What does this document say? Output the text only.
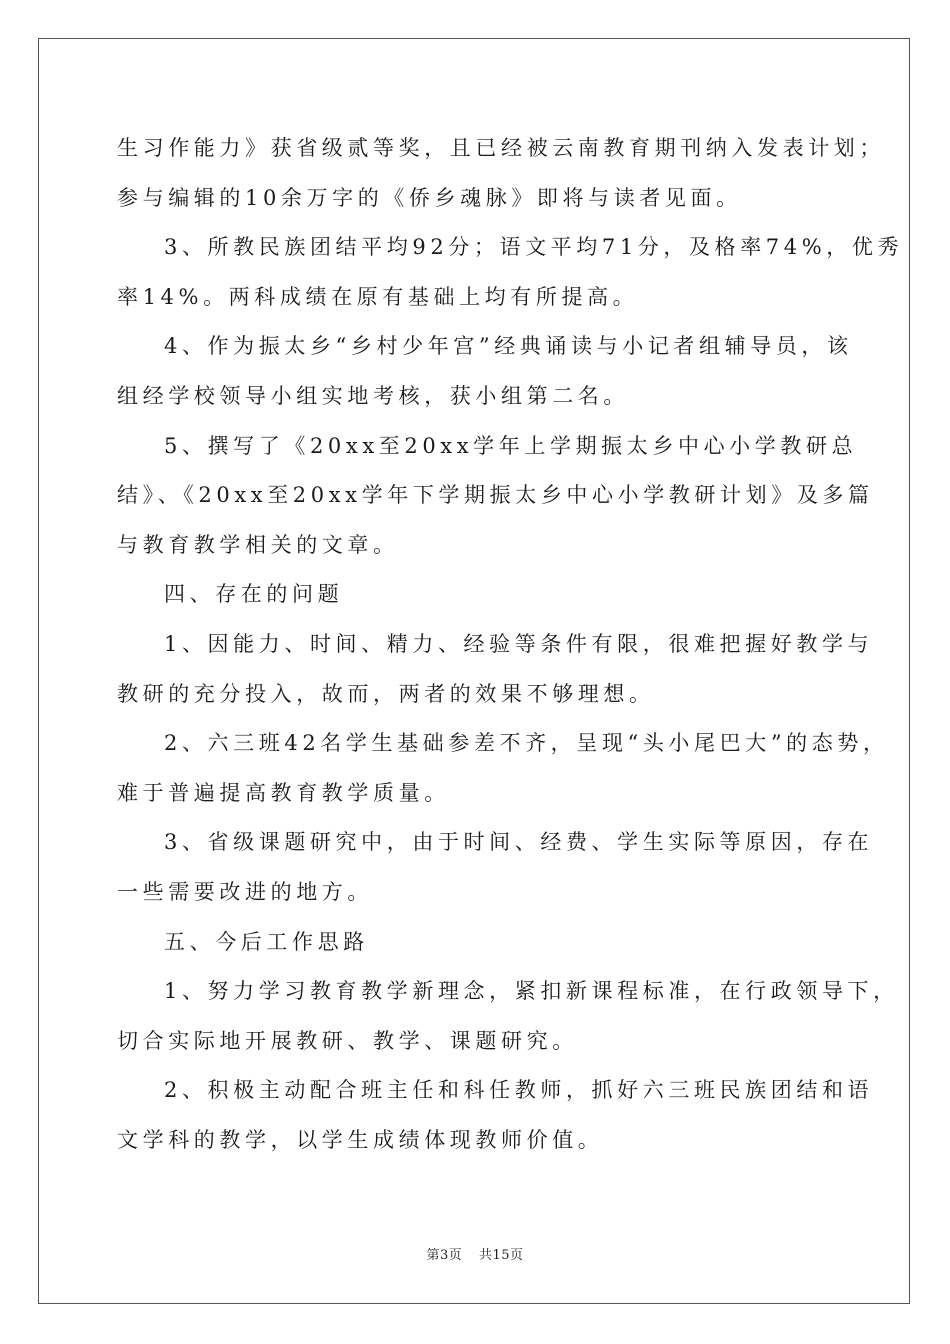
生习作能力》获省级贰等奖，且已经被云南教育期刊纳入发表计划；
参与编辑的10余万字的《侨乡魂脉》即将与读者见面。
3、所教民族团结平均92分；语文平均71分，及格率74%，优秀
率14%。两科成绩在原有基础上均有所提高。
4、作为振太乡“乡村少年宫”经典诵读与小记者组辅导员，该
组经学校领导小组实地考核，获小组第二名。
5、撰写了《20xx至20xx学年上学期振太乡中心小学教研总
结》、《20xx至20xx学年下学期振太乡中心小学教研计划》及多篇
与教育教学相关的文章。
四、存在的问题
1、因能力、时间、精力、经验等条件有限，很难把握好教学与
教研的充分投入，故而，两者的效果不够理想。
2、六三班42名学生基础参差不齐，呈现“头小尾巴大”的态势，
难于普遍提高教育教学质量。
3、省级课题研究中，由于时间、经费、学生实际等原因，存在
一些需要改进的地方。
五、今后工作思路
1、努力学习教育教学新理念，紧扣新课程标准，在行政领导下，
切合实际地开展教研、教学、课题研究。
2、积极主动配合班主任和科任教师，抓好六三班民族团结和语
文学科的教学，以学生成绩体现教师价值。
第3页 共15页
